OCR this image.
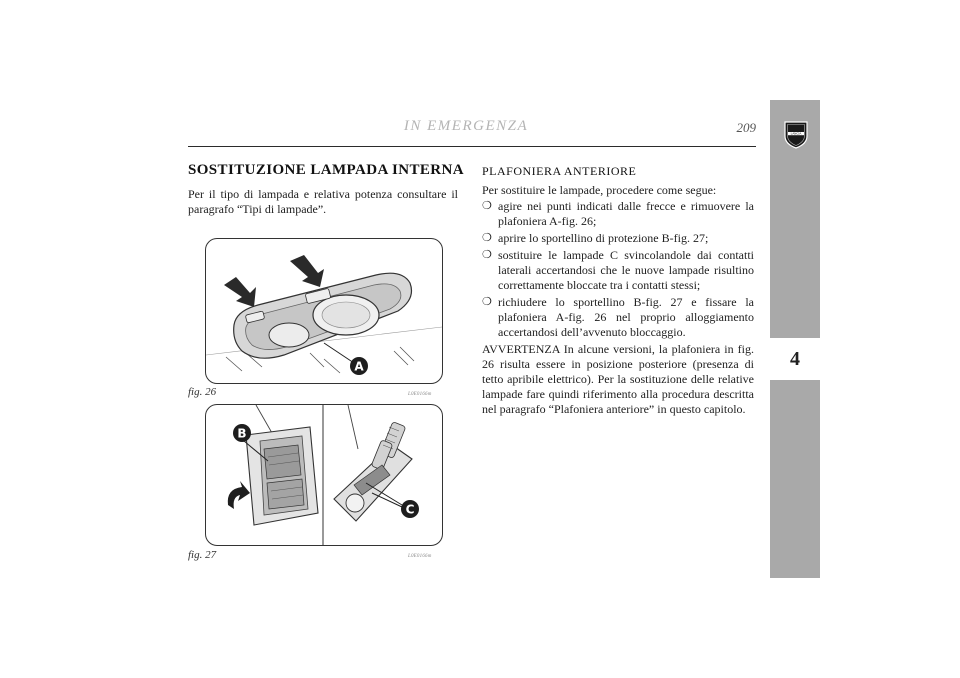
IN EMERGENZA	209	LANCIA
4
SOSTITUZIONE LAMPADA INTERNA
Per il tipo di lampada e relativa potenza consultare il paragrafo “Tipi di lampade”.
A
fig. 26	L0E0166m
B
C
fig. 27	L0E0166m
PLAFONIERA ANTERIORE
Per sostituire le lampade, procedere come segue:
❍ agire nei punti indicati dalle frecce e rimuovere la plafoniera A-fig. 26;
❍ aprire lo sportellino di protezione B-fig. 27;
❍ sostituire le lampade C svincolandole dai contatti laterali accertandosi che le nuove lampade risultino correttamente bloccate tra i contatti stessi;
❍ richiudere lo sportellino B-fig. 27 e fissare la plafoniera A-fig. 26 nel proprio alloggiamento accertandosi dell’avvenuto bloccaggio.
AVVERTENZA In alcune versioni, la plafoniera in fig. 26 risulta essere in posizione posteriore (presenza di tetto apribile elettrico). Per la sostituzione delle relative lampade fare quindi riferimento alla procedura descritta nel paragrafo “Plafoniera anteriore” in questo capitolo.
